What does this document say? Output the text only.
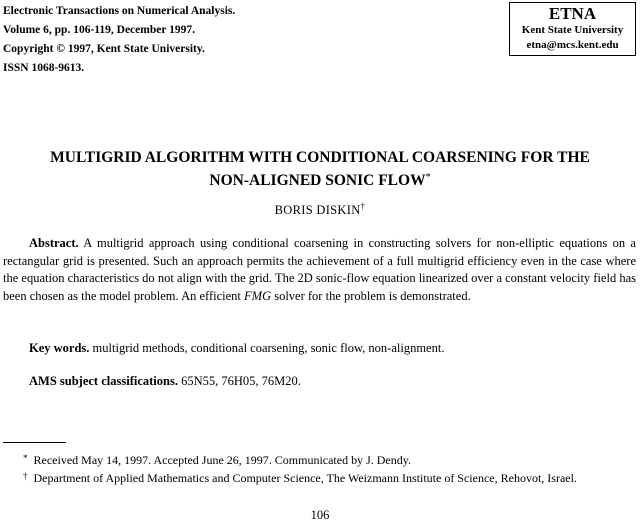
Electronic Transactions on Numerical Analysis.
Volume 6, pp. 106-119, December 1997.
Copyright © 1997, Kent State University.
ISSN 1068-9613.
ETNA
Kent State University
etna@mcs.kent.edu
MULTIGRID ALGORITHM WITH CONDITIONAL COARSENING FOR THE
NON-ALIGNED SONIC FLOW*
BORIS DISKIN†

Abstract. A multigrid approach using conditional coarsening in constructing solvers for non-elliptic equations on a rectangular grid is presented. Such an approach permits the achievement of a full multigrid efficiency even in the case where the equation characteristics do not align with the grid. The 2D sonic-flow equation linearized over a constant velocity field has been chosen as the model problem. An efficient FMG solver for the problem is demonstrated.

Key words. multigrid methods, conditional coarsening, sonic flow, non-alignment.

AMS subject classifications. 65N55, 76H05, 76M20.

* Received May 14, 1997. Accepted June 26, 1997. Communicated by J. Dendy.

† Department of Applied Mathematics and Computer Science, The Weizmann Institute of Science, Rehovot, Israel.

106
